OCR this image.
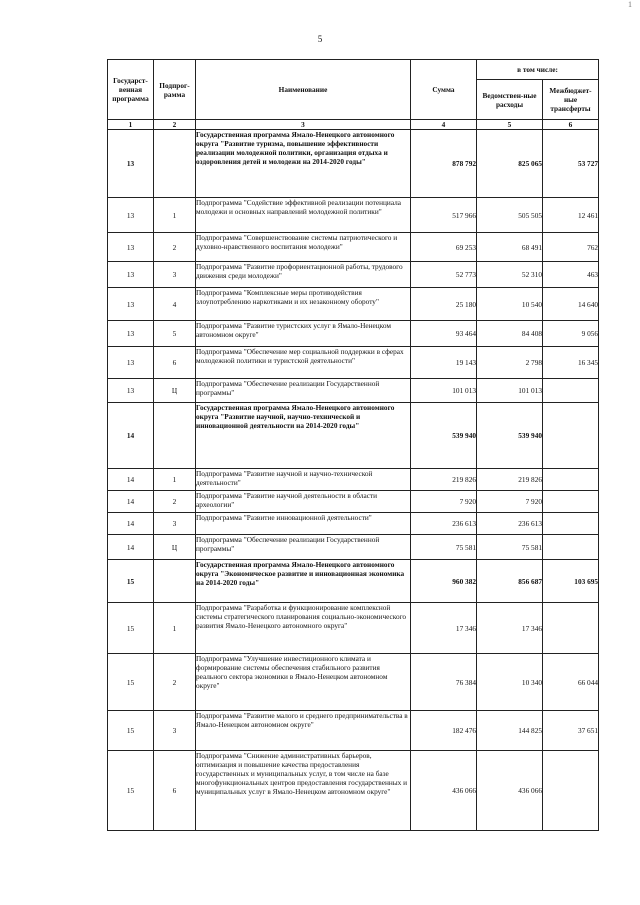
5
1
Государст-венная программа	Подпрог-рамма	Наименование	Сумма	в том числе:	
				Ведомствен-ные расходы	Межбюджет-ные трансферты
1	2	3	4	5	6
13		Государственная программа Ямало-Ненецкого автономного округа "Развитие туризма, повышение эффективности реализации молодежной политики, организация отдыха и оздоровления детей и молодежи на 2014-2020 годы"	878 792	825 065	53 727
13	1	Подпрограмма "Содействие эффективной реализации потенциала молодежи и основных направлений молодежной политики"	517 966	505 505	12 461
13	2	Подпрограмма "Совершенствование системы патриотического и духовно-нравственного воспитания молодежи"	69 253	68 491	762
13	3	Подпрограмма "Развитие профориентационной работы, трудового движения среди молодежи"	52 773	52 310	463
13	4	Подпрограмма "Комплексные меры противодействия злоупотреблению наркотиками и их незаконному обороту"	25 180	10 540	14 640
13	5	Подпрограмма "Развитие туристских услуг в Ямало-Ненецком автономном округе"	93 464	84 408	9 056
13	6	Подпрограмма "Обеспечение мер социальной поддержки в сферах молодежной политики и туристской деятельности"	19 143	2 798	16 345
13	Ц	Подпрограмма "Обеспечение реализации Государственной программы"	101 013	101 013	
14		Государственная программа Ямало-Ненецкого автономного округа "Развитие научной, научно-технической и инновационной деятельности на 2014-2020 годы"	539 940	539 940	
14	1	Подпрограмма "Развитие научной и научно-технической деятельности"	219 826	219 826	
14	2	Подпрограмма "Развитие научной деятельности в области археологии"	7 920	7 920	
14	3	Подпрограмма "Развитие инновационной деятельности"	236 613	236 613	
14	Ц	Подпрограмма "Обеспечение реализации Государственной программы"	75 581	75 581	
15		Государственная программа Ямало-Ненецкого автономного округа "Экономическое развитие и инновационная экономика на 2014-2020 годы"	960 382	856 687	103 695
15	1	Подпрограмма "Разработка и функционирование комплексной системы стратегического планирования социально-экономического развития Ямало-Ненецкого автономного округа"	17 346	17 346	
15	2	Подпрограмма "Улучшение инвестиционного климата и формирование системы обеспечения стабильного развития реального сектора экономики в Ямало-Ненецком автономном округе"	76 384	10 340	66 044
15	3	Подпрограмма "Развитие малого и среднего предпринимательства в Ямало-Ненецком автономном округе"	182 476	144 825	37 651
15	6	Подпрограмма "Снижение административных барьеров, оптимизация и повышение качества предоставления государственных и муниципальных услуг, в том числе на базе многофункциональных центров предоставления государственных и муниципальных услуг в Ямало-Ненецком автономном округе"	436 066	436 066	
